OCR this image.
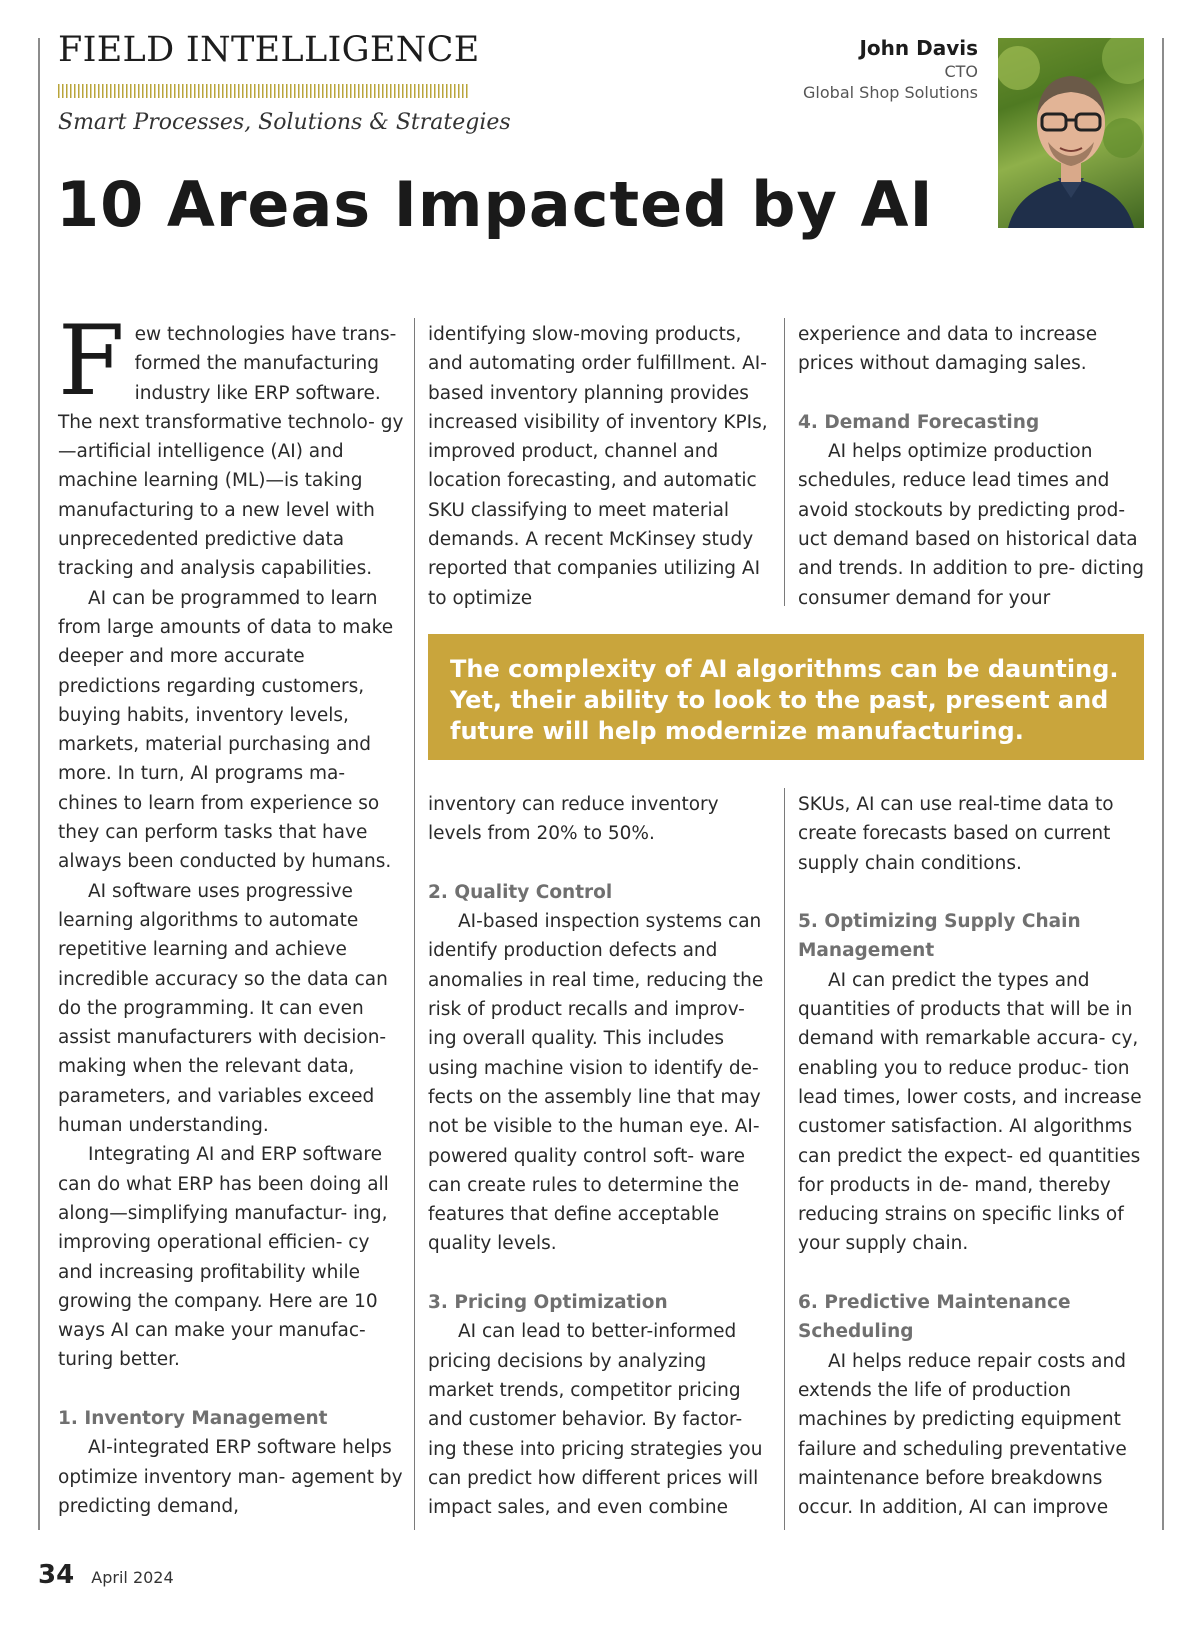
FIELD INTELLIGENCE
Smart Processes, Solutions & Strategies
John Davis
CTO
Global Shop Solutions
10 Areas Impacted by AI

Few technologies have trans- formed the manufacturing industry like ERP software. The next transformative technolo- gy—artificial intelligence (AI) and machine learning (ML)—is taking manufacturing to a new level with unprecedented predictive data tracking and analysis capabilities.

AI can be programmed to learn from large amounts of data to make deeper and more accurate predictions regarding customers, buying habits, inventory levels, markets, material purchasing and more. In turn, AI programs ma- chines to learn from experience so they can perform tasks that have always been conducted by humans.

AI software uses progressive learning algorithms to automate repetitive learning and achieve incredible accuracy so the data can do the programming. It can even assist manufacturers with decision-making when the relevant data, parameters, and variables exceed human understanding.

Integrating AI and ERP software can do what ERP has been doing all along—simplifying manufactur- ing, improving operational efficien- cy and increasing profitability while growing the company. Here are 10 ways AI can make your manufac- turing better.

1. Inventory Management

AI-integrated ERP software helps optimize inventory man- agement by predicting demand,

identifying slow-moving products, and automating order fulfillment. AI-based inventory planning provides increased visibility of inventory KPIs, improved product, channel and location forecasting, and automatic SKU classifying to meet material demands. A recent McKinsey study reported that companies utilizing AI to optimize

experience and data to increase prices without damaging sales.

4. Demand Forecasting

AI helps optimize production schedules, reduce lead times and avoid stockouts by predicting prod- uct demand based on historical data and trends. In addition to pre- dicting consumer demand for your

The complexity of AI algorithms can be daunting. Yet, their ability to look to the past, present and future will help modernize manufacturing.

inventory can reduce inventory levels from 20% to 50%.

2. Quality Control

AI-based inspection systems can identify production defects and anomalies in real time, reducing the risk of product recalls and improv- ing overall quality. This includes using machine vision to identify de- fects on the assembly line that may not be visible to the human eye. AI-powered quality control soft- ware can create rules to determine the features that define acceptable quality levels.

3. Pricing Optimization

AI can lead to better-informed pricing decisions by analyzing market trends, competitor pricing and customer behavior. By factor- ing these into pricing strategies you can predict how different prices will impact sales, and even combine

SKUs, AI can use real-time data to create forecasts based on current supply chain conditions.

5. Optimizing Supply Chain Management

AI can predict the types and quantities of products that will be in demand with remarkable accura- cy, enabling you to reduce produc- tion lead times, lower costs, and increase customer satisfaction. AI algorithms can predict the expect- ed quantities for products in de- mand, thereby reducing strains on specific links of your supply chain.

6. Predictive Maintenance Scheduling

AI helps reduce repair costs and extends the life of production machines by predicting equipment failure and scheduling preventative maintenance before breakdowns occur. In addition, AI can improve

34 April 2024
